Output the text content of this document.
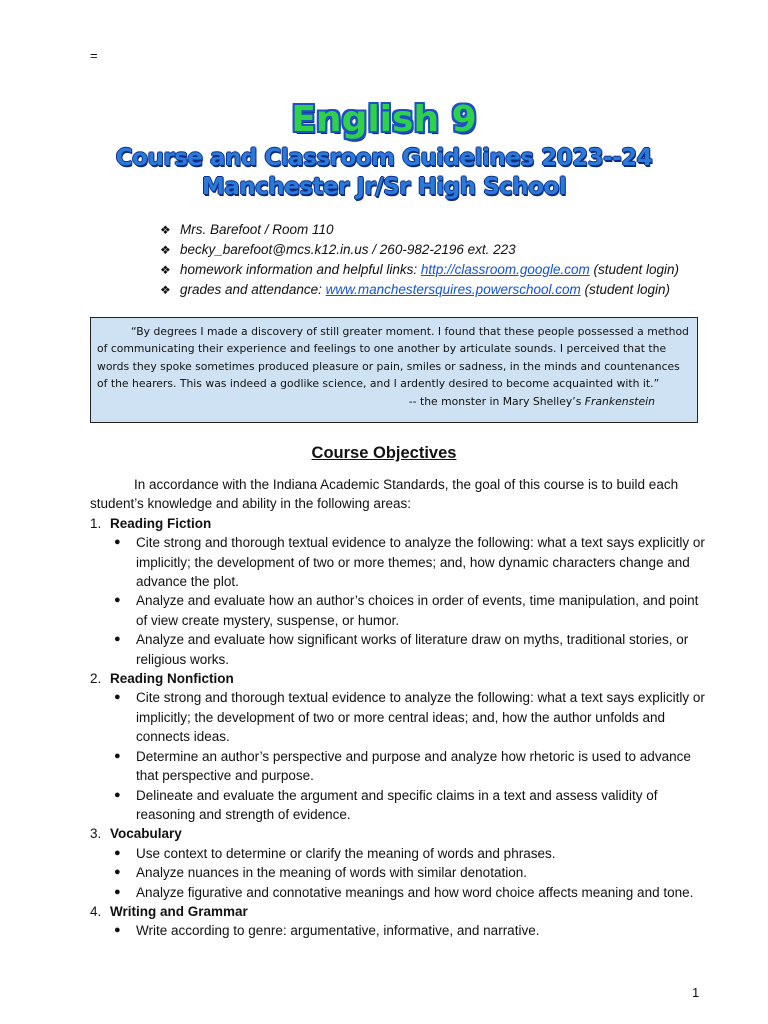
=
English 9
Course and Classroom Guidelines 2023--24
Manchester Jr/Sr High School
❖ Mrs. Barefoot / Room 110
❖ becky_barefoot@mcs.k12.in.us / 260-982-2196 ext. 223
❖ homework information and helpful links: http://classroom.google.com (student login)
❖ grades and attendance: www.manchestersquires.powerschool.com (student login)

“By degrees I made a discovery of still greater moment. I found that these people possessed a method of communicating their experience and feelings to one another by articulate sounds. I perceived that the words they spoke sometimes produced pleasure or pain, smiles or sadness, in the minds and countenances of the hearers. This was indeed a godlike science, and I ardently desired to become acquainted with it.”

-- the monster in Mary Shelley’s Frankenstein

Course Objectives

In accordance with the Indiana Academic Standards, the goal of this course is to build each student’s knowledge and ability in the following areas:

1. Reading Fiction
● Cite strong and thorough textual evidence to analyze the following: what a text says explicitly or implicitly; the development of two or more themes; and, how dynamic characters change and advance the plot.
● Analyze and evaluate how an author’s choices in order of events, time manipulation, and point of view create mystery, suspense, or humor.
● Analyze and evaluate how significant works of literature draw on myths, traditional stories, or religious works.
2. Reading Nonfiction
● Cite strong and thorough textual evidence to analyze the following: what a text says explicitly or implicitly; the development of two or more central ideas; and, how the author unfolds and connects ideas.
● Determine an author’s perspective and purpose and analyze how rhetoric is used to advance that perspective and purpose.
● Delineate and evaluate the argument and specific claims in a text and assess validity of reasoning and strength of evidence.
3. Vocabulary
● Use context to determine or clarify the meaning of words and phrases.
● Analyze nuances in the meaning of words with similar denotation.
● Analyze figurative and connotative meanings and how word choice affects meaning and tone.
4. Writing and Grammar
● Write according to genre: argumentative, informative, and narrative.
1
